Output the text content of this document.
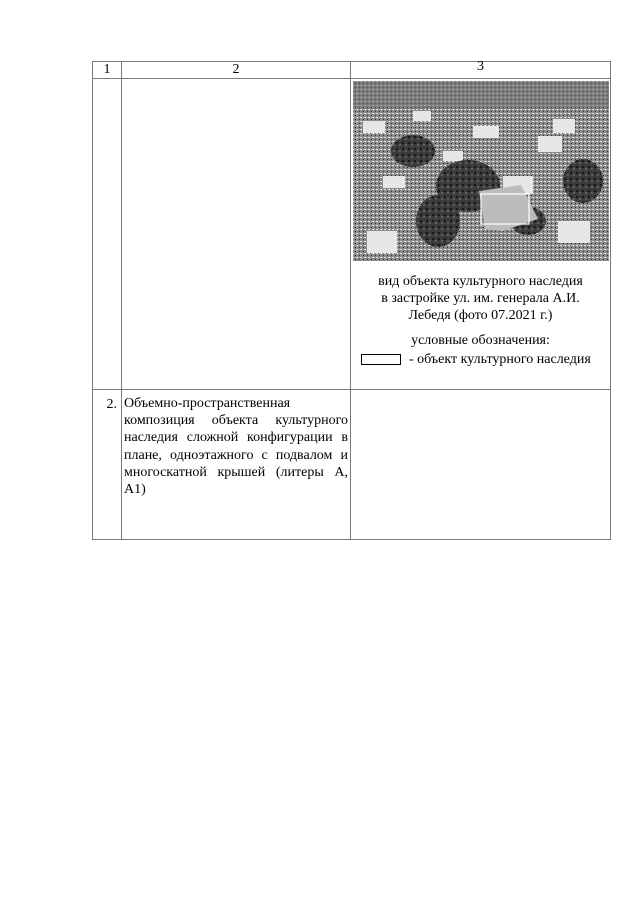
1	2	3

		вид объекта культурного наследия
в застройке ул. им. генерала А.И.
Лебедя (фото 07.2021 г.)
условные обозначения:
- объект культурного наследия

2.	Объемно-пространственная композиция объекта культурного наследия сложной конфигурации в плане, одноэтажного с подвалом и многоскатной крышей (литеры А, А1)	
